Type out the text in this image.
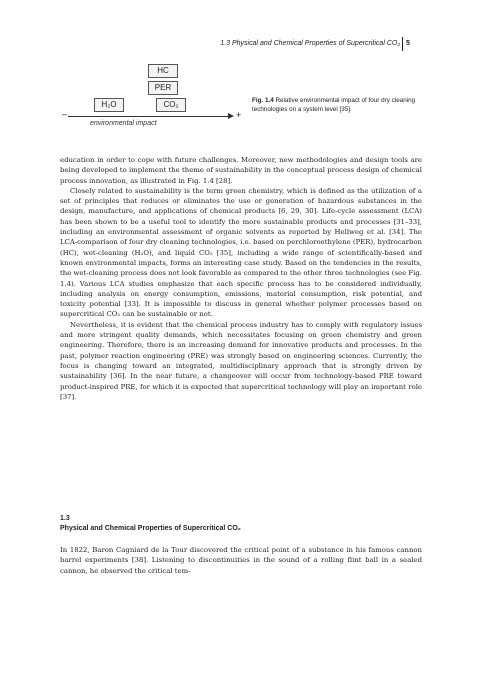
1.3 Physical and Chemical Properties of Supercritical CO₂ 5
HC
PER
H₂O	CO₂
–	+
environmental impact
Fig. 1.4 Relative environmental impact of four dry cleaning technologies on a system level [35].

education in order to cope with future challenges. Moreover, new methodologies and design tools are being developed to implement the theme of sustainability in the conceptual process design of chemical process innovation, as illustrated in Fig. 1.4 [28].

Closely related to sustainability is the term green chemistry, which is defined as the utilization of a set of principles that reduces or eliminates the use or generation of hazardous substances in the design, manufacture, and applications of chemical products [6, 29, 30]. Life-cycle assessment (LCA) has been shown to be a useful tool to identify the more sustainable products and processes [31–33], including an environmental assessment of organic solvents as reported by Hellweg et al. [34]. The LCA-comparison of four dry cleaning technologies, i.e. based on perchloroethylene (PER), hydrocarbon (HC), wet-cleaning (H₂O), and liquid CO₂ [35], including a wide range of scientifically-based and known environmental impacts, forms an interesting case study. Based on the tendencies in the results, the wet-cleaning process does not look favorable as compared to the other three technologies (see Fig. 1.4). Various LCA studies emphasize that each specific process has to be considered individually, including analysis on energy consumption, emissions, material consumption, risk potential, and toxicity potential [33]. It is impossible to discuss in general whether polymer processes based on supercritical CO₂ can be sustainable or not.

Nevertheless, it is evident that the chemical process industry has to comply with regulatory issues and more stringent quality demands, which necessitates focusing on green chemistry and green engineering. Therefore, there is an increasing demand for innovative products and processes. In the past, polymer reaction engineering (PRE) was strongly based on engineering sciences. Currently, the focus is changing toward an integrated, multidisciplinary approach that is strongly driven by sustainability [36]. In the near future, a changeover will occur from technology-based PRE toward product-inspired PRE, for which it is expected that supercritical technology will play an important role [37].

1.3
Physical and Chemical Properties of Supercritical CO₂

In 1822, Baron Cagniard de la Tour discovered the critical point of a substance in his famous cannon barrel experiments [38]. Listening to discontinuities in the sound of a rolling flint ball in a sealed cannon, he observed the critical tem-
